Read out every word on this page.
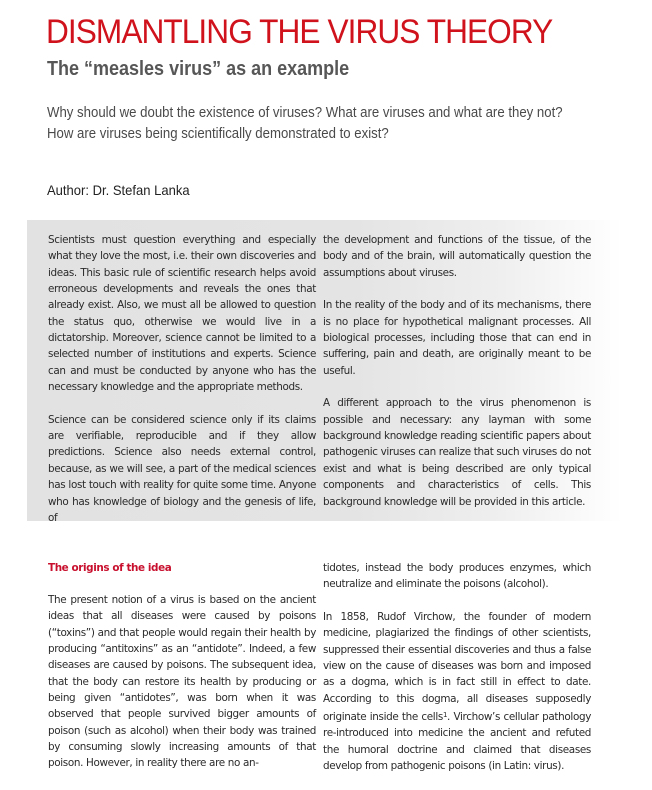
DISMANTLING THE VIRUS THEORY
The “measles virus” as an example
Why should we doubt the existence of viruses? What are viruses and what are they not?
How are viruses being scientifically demonstrated to exist?
Author: Dr. Stefan Lanka

Scientists must question everything and especially what they love the most, i.e. their own discoveries and ideas. This basic rule of scientific research helps avoid erroneous developments and reveals the ones that already exist. Also, we must all be allowed to question the status quo, otherwise we would live in a dictatorship. Moreover, science cannot be limited to a selected number of institutions and experts. Science can and must be conducted by anyone who has the necessary knowledge and the appropriate methods.

Science can be considered science only if its claims are verifiable, reproducible and if they allow predictions. Science also needs external control, because, as we will see, a part of the medical sciences has lost touch with reality for quite some time. Anyone who has knowledge of biology and the genesis of life, of

the development and functions of the tissue, of the body and of the brain, will automatically question the assumptions about viruses.

In the reality of the body and of its mechanisms, there is no place for hypothetical malignant processes. All biological processes, including those that can end in suffering, pain and death, are originally meant to be useful.

A different approach to the virus phenomenon is possible and necessary: any layman with some background knowledge reading scientific papers about pathogenic viruses can realize that such viruses do not exist and what is being described are only typical components and characteristics of cells. This background knowledge will be provided in this article.

The origins of the idea

The present notion of a virus is based on the ancient ideas that all diseases were caused by poisons (“toxins”) and that people would regain their health by producing “antitoxins” as an “antidote”. Indeed, a few diseases are caused by poisons. The subsequent idea, that the body can restore its health by producing or being given “antidotes”, was born when it was observed that people survived bigger amounts of poison (such as alcohol) when their body was trained by consuming slowly increasing amounts of that poison. However, in reality there are no an-

tidotes, instead the body produces enzymes, which neutralize and eliminate the poisons (alcohol).

In 1858, Rudof Virchow, the founder of modern medicine, plagiarized the findings of other scientists, suppressed their essential discoveries and thus a false view on the cause of diseases was born and imposed as a dogma, which is in fact still in effect to date. According to this dogma, all diseases supposedly originate inside the cells$^1$. Virchow’s cellular pathology re-introduced into medicine the ancient and refuted the humoral doctrine and claimed that diseases develop from pathogenic poisons (in Latin: virus).
